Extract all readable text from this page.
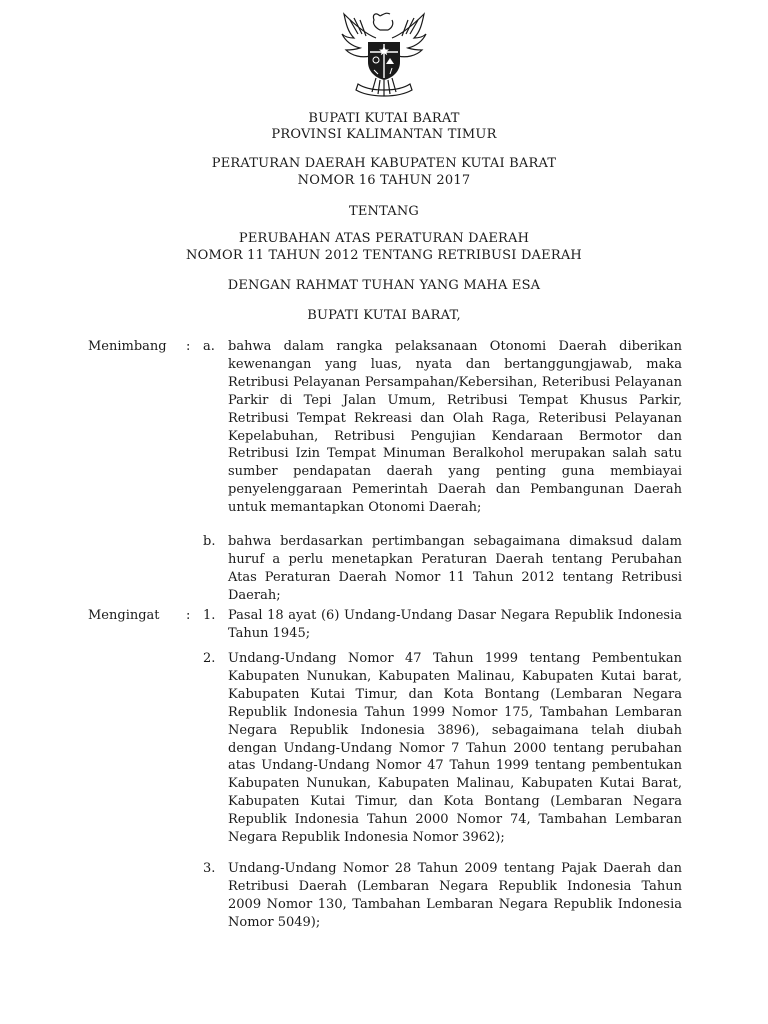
BUPATI KUTAI BARAT
PROVINSI KALIMANTAN TIMUR
PERATURAN DAERAH KABUPATEN KUTAI BARAT
NOMOR 16 TAHUN 2017
TENTANG
PERUBAHAN ATAS PERATURAN DAERAH
NOMOR 11 TAHUN 2012 TENTANG RETRIBUSI DAERAH
DENGAN RAHMAT TUHAN YANG MAHA ESA
BUPATI KUTAI BARAT,
Menimbang : a. bahwa dalam rangka pelaksanaan Otonomi Daerah diberikan kewenangan yang luas, nyata dan bertanggungjawab, maka Retribusi Pelayanan Persampahan/Kebersihan, Reteribusi Pelayanan Parkir di Tepi Jalan Umum, Retribusi Tempat Khusus Parkir, Retribusi Tempat Rekreasi dan Olah Raga, Reteribusi Pelayanan Kepelabuhan, Retribusi Pengujian Kendaraan Bermotor dan Retribusi Izin Tempat Minuman Beralkohol merupakan salah satu sumber pendapatan daerah yang penting guna membiayai penyelenggaraan Pemerintah Daerah dan Pembangunan Daerah untuk memantapkan Otonomi Daerah;
b. bahwa berdasarkan pertimbangan sebagaimana dimaksud dalam huruf a perlu menetapkan Peraturan Daerah tentang Perubahan Atas Peraturan Daerah Nomor 11 Tahun 2012 tentang Retribusi Daerah;
Mengingat : 1. Pasal 18 ayat (6) Undang-Undang Dasar Negara Republik Indonesia Tahun 1945;
2. Undang-Undang Nomor 47 Tahun 1999 tentang Pembentukan Kabupaten Nunukan, Kabupaten Malinau, Kabupaten Kutai barat, Kabupaten Kutai Timur, dan Kota Bontang (Lembaran Negara Republik Indonesia Tahun 1999 Nomor 175, Tambahan Lembaran Negara Republik Indonesia 3896), sebagaimana telah diubah dengan Undang-Undang Nomor 7 Tahun 2000 tentang perubahan atas Undang-Undang Nomor 47 Tahun 1999 tentang pembentukan Kabupaten Nunukan, Kabupaten Malinau, Kabupaten Kutai Barat, Kabupaten Kutai Timur, dan Kota Bontang (Lembaran Negara Republik Indonesia Tahun 2000 Nomor 74, Tambahan Lembaran Negara Republik Indonesia Nomor 3962);
3. Undang-Undang Nomor 28 Tahun 2009 tentang Pajak Daerah dan Retribusi Daerah (Lembaran Negara Republik Indonesia Tahun 2009 Nomor 130, Tambahan Lembaran Negara Republik Indonesia Nomor 5049);
